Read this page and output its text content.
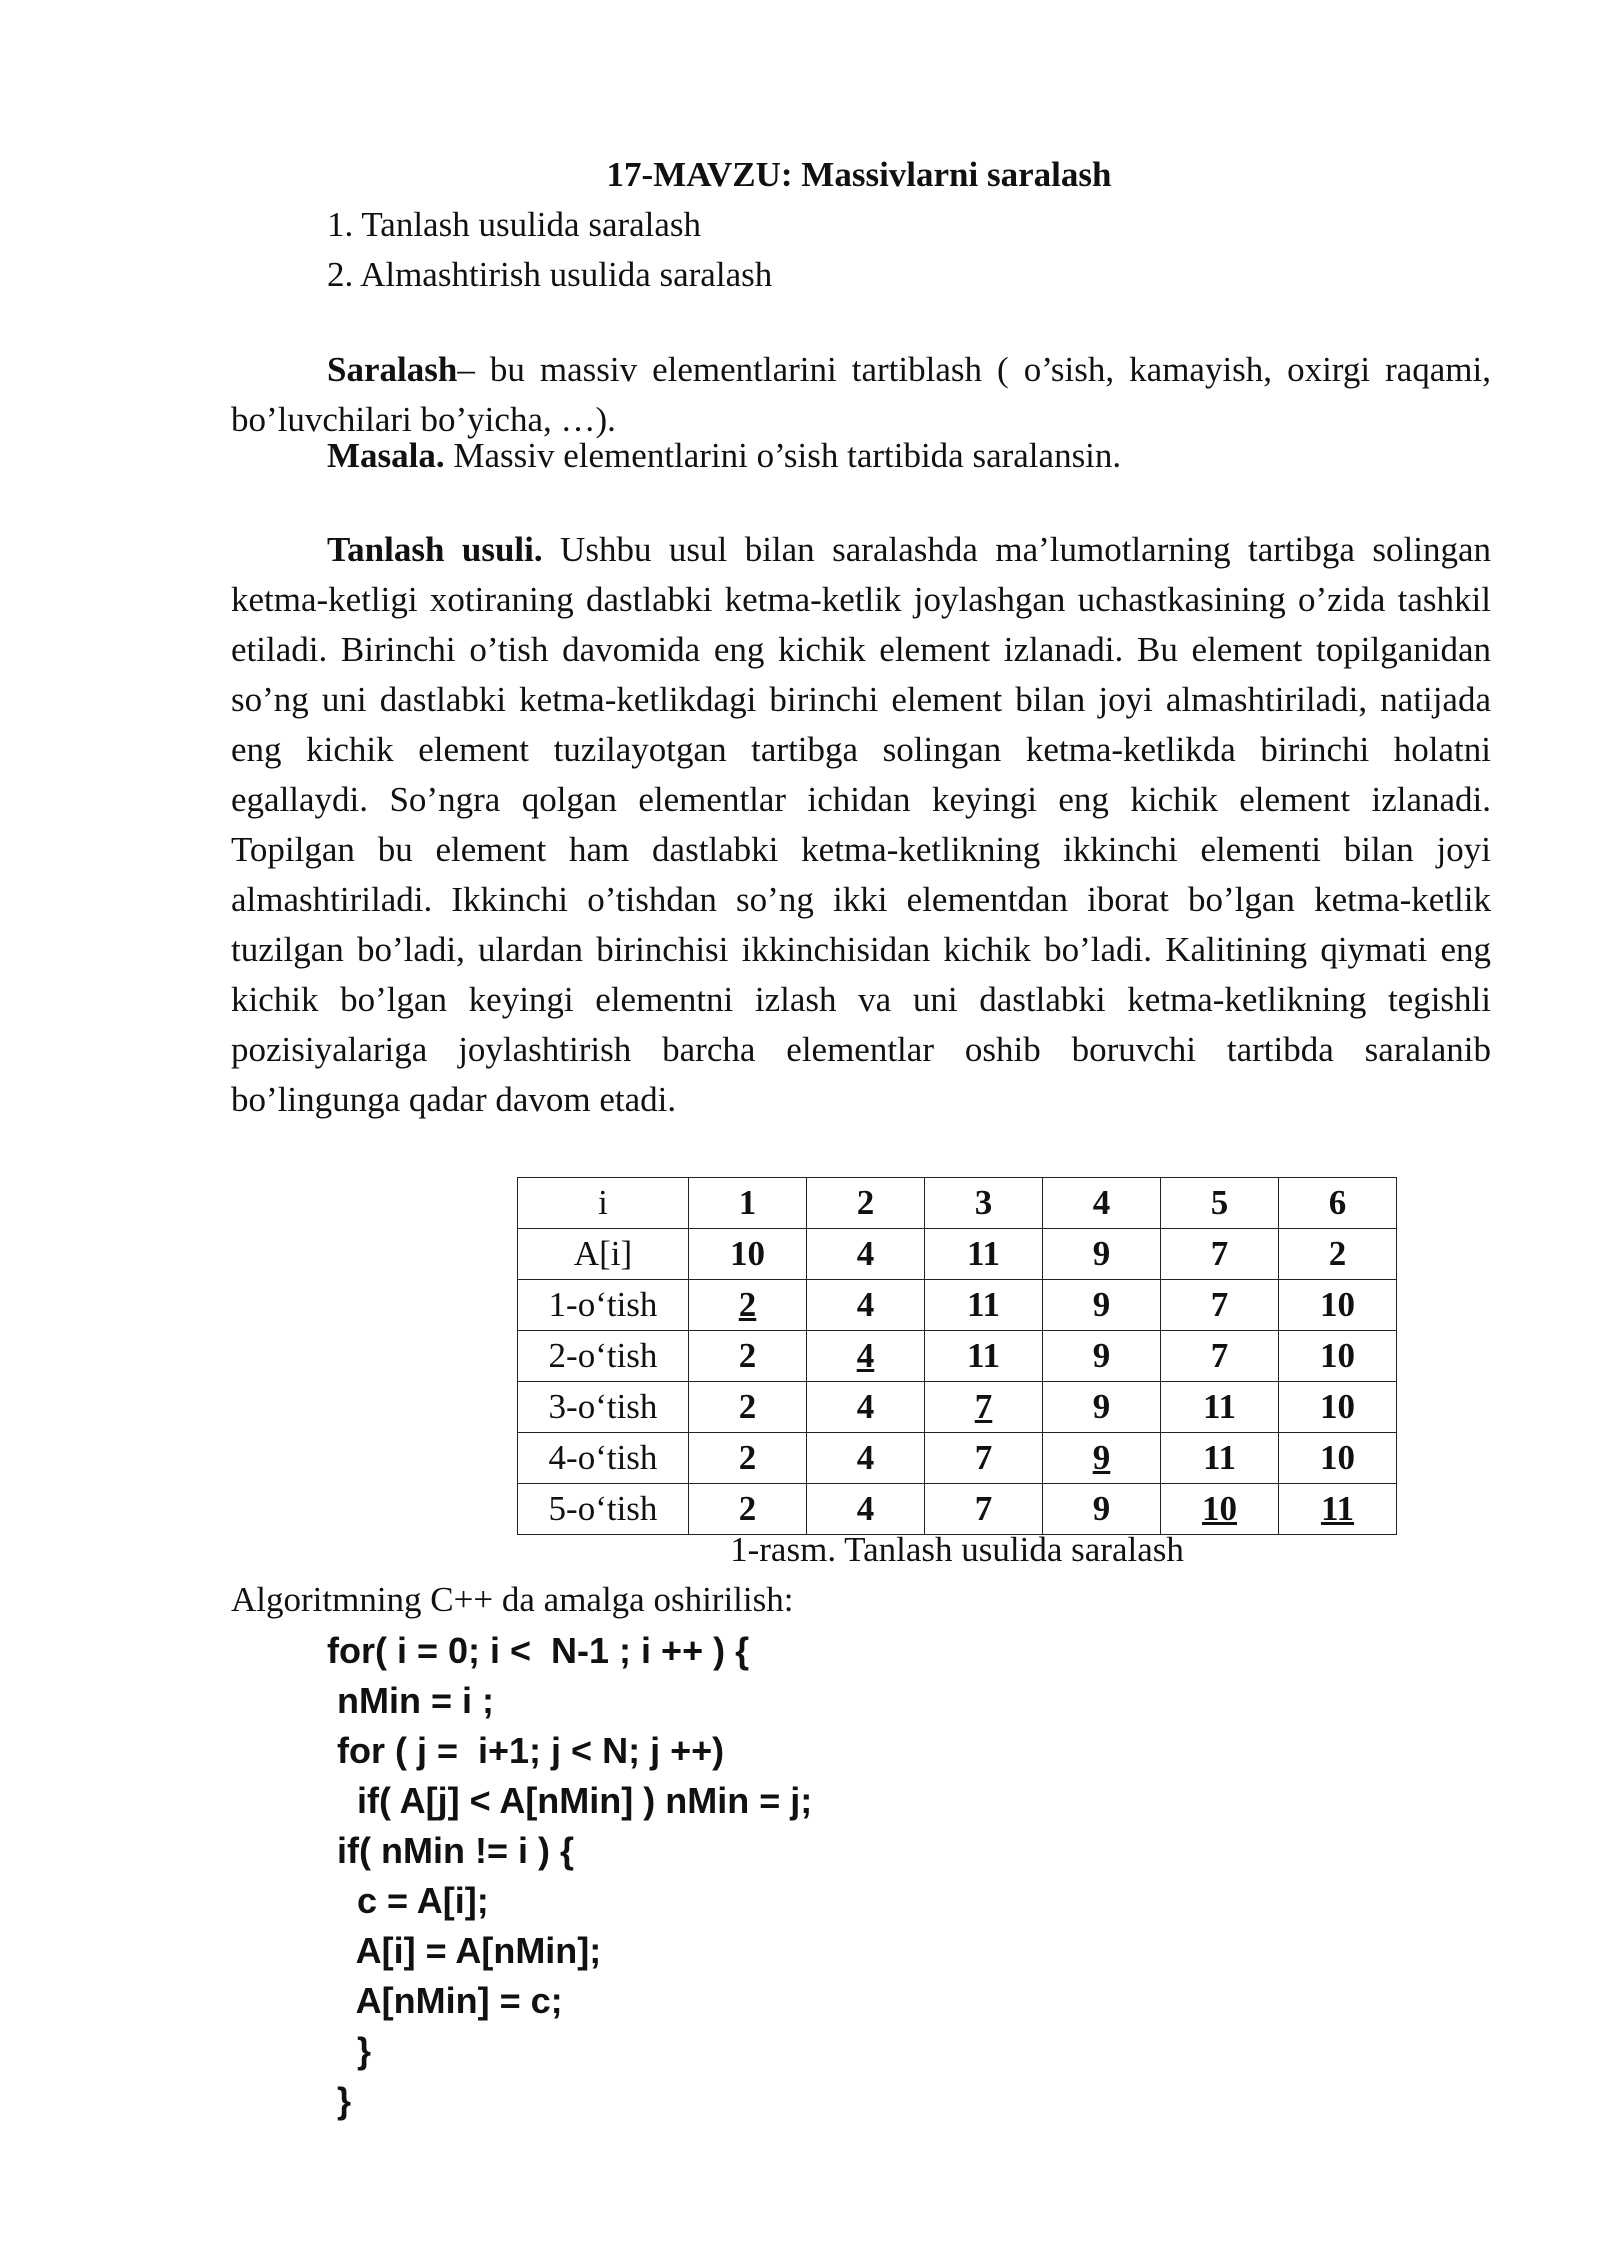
17-MAVZU: Massivlarni saralash
1. Tanlash usulida saralash
2. Almashtirish usulida saralash

Saralash– bu massiv elementlarini tartiblash ( o’sish, kamayish, oxirgi raqami, bo’luvchilari bo’yicha, …).

Masala. Massiv elementlarini o’sish tartibida saralansin.

Tanlash usuli. Ushbu usul bilan saralashda ma’lumotlarning tartibga solingan ketma-ketligi xotiraning dastlabki ketma-ketlik joylashgan uchastkasining o’zida tashkil etiladi. Birinchi o’tish davomida eng kichik element izlanadi. Bu element topilganidan so’ng uni dastlabki ketma-ketlikdagi birinchi element bilan joyi almashtiriladi, natijada eng kichik element tuzilayotgan tartibga solingan ketma-ketlikda birinchi holatni egallaydi. So’ngra qolgan elementlar ichidan keyingi eng kichik element izlanadi. Topilgan bu element ham dastlabki ketma-ketlikning ikkinchi elementi bilan joyi almashtiriladi. Ikkinchi o’tishdan so’ng ikki elementdan iborat bo’lgan ketma-ketlik tuzilgan bo’ladi, ulardan birinchisi ikkinchisidan kichik bo’ladi. Kalitining qiymati eng kichik bo’lgan keyingi elementni izlash va uni dastlabki ketma-ketlikning tegishli pozisiyalariga joylashtirish barcha elementlar oshib boruvchi tartibda saralanib bo’lingunga qadar davom etadi.

i	1	2	3	4	5	6
A[i]	10	4	11	9	7	2
1-o‘tish	2	4	11	9	7	10
2-o‘tish	2	4	11	9	7	10
3-o‘tish	2	4	7	9	11	10
4-o‘tish	2	4	7	9	11	10
5-o‘tish	2	4	7	9	10	11

1-rasm. Tanlash usulida saralash

Algoritmning C++ da amalga oshirilish:

for( i = 0; i <  N-1 ; i ++ ) {
nMin = i ;
for ( j =  i+1; j < N; j ++)
if( A[j] < A[nMin] ) nMin = j;
if( nMin != i ) {
c = A[i];
A[i] = A[nMin];
A[nMin] = c;
}
}
